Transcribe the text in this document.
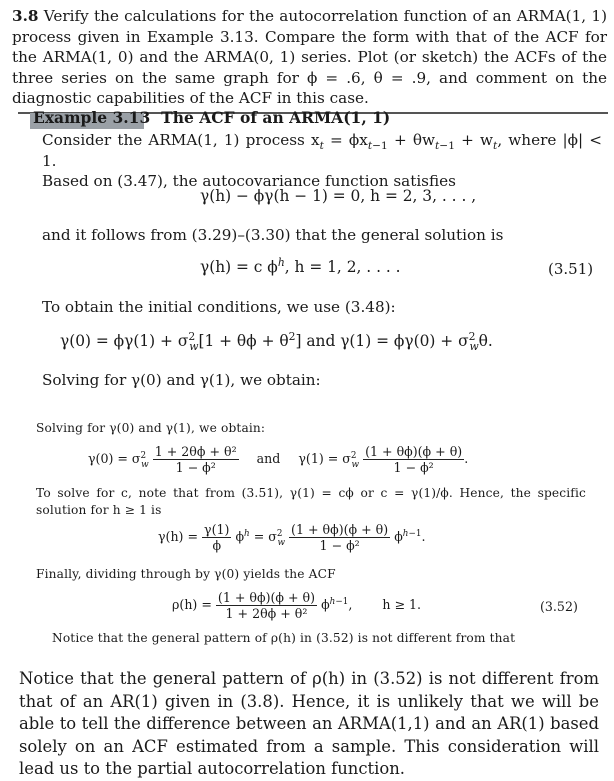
3.8 Verify the calculations for the autocorrelation function of an ARMA(1, 1) process given in Example 3.13. Compare the form with that of the ACF for the ARMA(1, 0) and the ARMA(0, 1) series. Plot (or sketch) the ACFs of the three series on the same graph for ϕ = .6, θ = .9, and comment on the diagnostic capabilities of the ACF in this case.
Example 3.13 The ACF of an ARMA(1, 1)
Consider the ARMA(1, 1) process $x_t = \phi x_{t-1} + \theta w_{t-1} + w_t$, where |ϕ| < 1.
Based on (3.47), the autocovariance function satisfies
γ(h) − ϕγ(h − 1) = 0, h = 2, 3, . . . ,
and it follows from (3.29)–(3.30) that the general solution is
γ(h) = c $\phi^h$, h = 1, 2, . . . .	(3.51)
To obtain the initial conditions, we use (3.48):
$\gamma(0) = \phi\gamma(1) + \sigma^2_w[1 + \theta\phi + \theta^2]$ and $\gamma(1) = \phi\gamma(0) + \sigma^2_w\theta$.
Solving for γ(0) and γ(1), we obtain:
Solving for γ(0) and γ(1), we obtain:
$\gamma(0) = \sigma^2_w \frac{\text{1 + 2θϕ + θ²}}{\text{1 − ϕ²}}$ and $\gamma(1) = \sigma^2_w \frac{(1 + \theta\phi)(\phi + \theta)}{\text{1 − ϕ²}}$ .
To solve for c, note that from (3.51), γ(1) = cϕ or c = γ(1)/ϕ. Hence, the specific solution for h ≥ 1 is
$\gamma(h) = \frac{\gamma(1)}{\phi} \phi^h = \sigma^2_w \frac{(1 + \theta\phi)(\phi + \theta)}{\text{1 − ϕ²}} \phi^{h-1}$.
Finally, dividing through by γ(0) yields the ACF
$\rho(h) = \frac{(1 + \theta\phi)(\phi + \theta)}{\text{1 + 2θϕ + θ²}} \phi^{h-1}$, h ≥ 1.	(3.52)
Notice that the general pattern of ρ(h) in (3.52) is not different from that
Notice that the general pattern of ρ(h) in (3.52) is not different from that of an AR(1) given in (3.8). Hence, it is unlikely that we will be able to tell the difference between an ARMA(1,1) and an AR(1) based solely on an ACF estimated from a sample. This consideration will lead us to the partial autocorrelation function.
